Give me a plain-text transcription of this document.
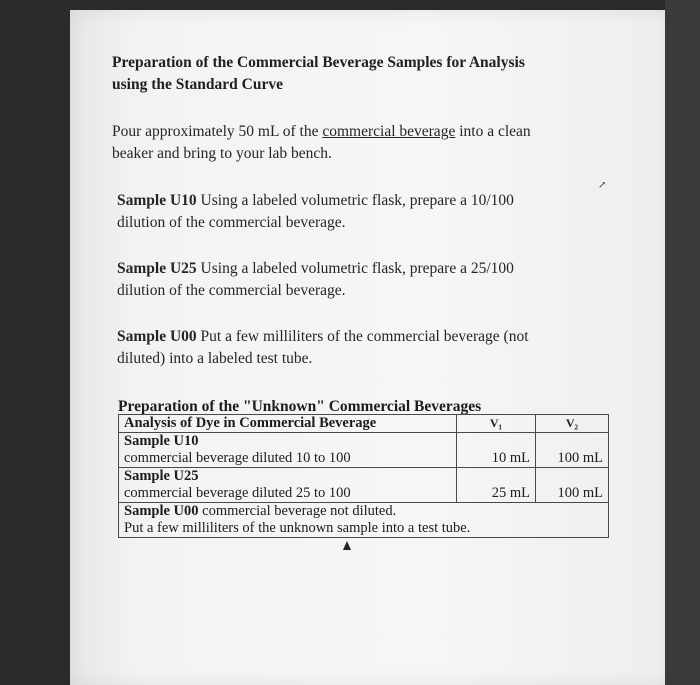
Preparation of the Commercial Beverage Samples for Analysis
using the Standard Curve
Pour approximately 50 mL of the commercial beverage into a clean
beaker and bring to your lab bench.
↗
Sample U10 Using a labeled volumetric flask, prepare a 10/100
dilution of the commercial beverage.
Sample U25 Using a labeled volumetric flask, prepare a 25/100
dilution of the commercial beverage.
Sample U00 Put a few milliliters of the commercial beverage (not
diluted) into a labeled test tube.
Preparation of the "Unknown" Commercial Beverages
Analysis of Dye in Commercial Beverage	V₁	V₂

Sample U10
commercial beverage diluted 10 to 100	10 mL	100 mL

Sample U25
commercial beverage diluted 25 to 100	25 mL	100 mL

Sample U00 commercial beverage not diluted.
Put a few milliliters of the unknown sample into a test tube.		
